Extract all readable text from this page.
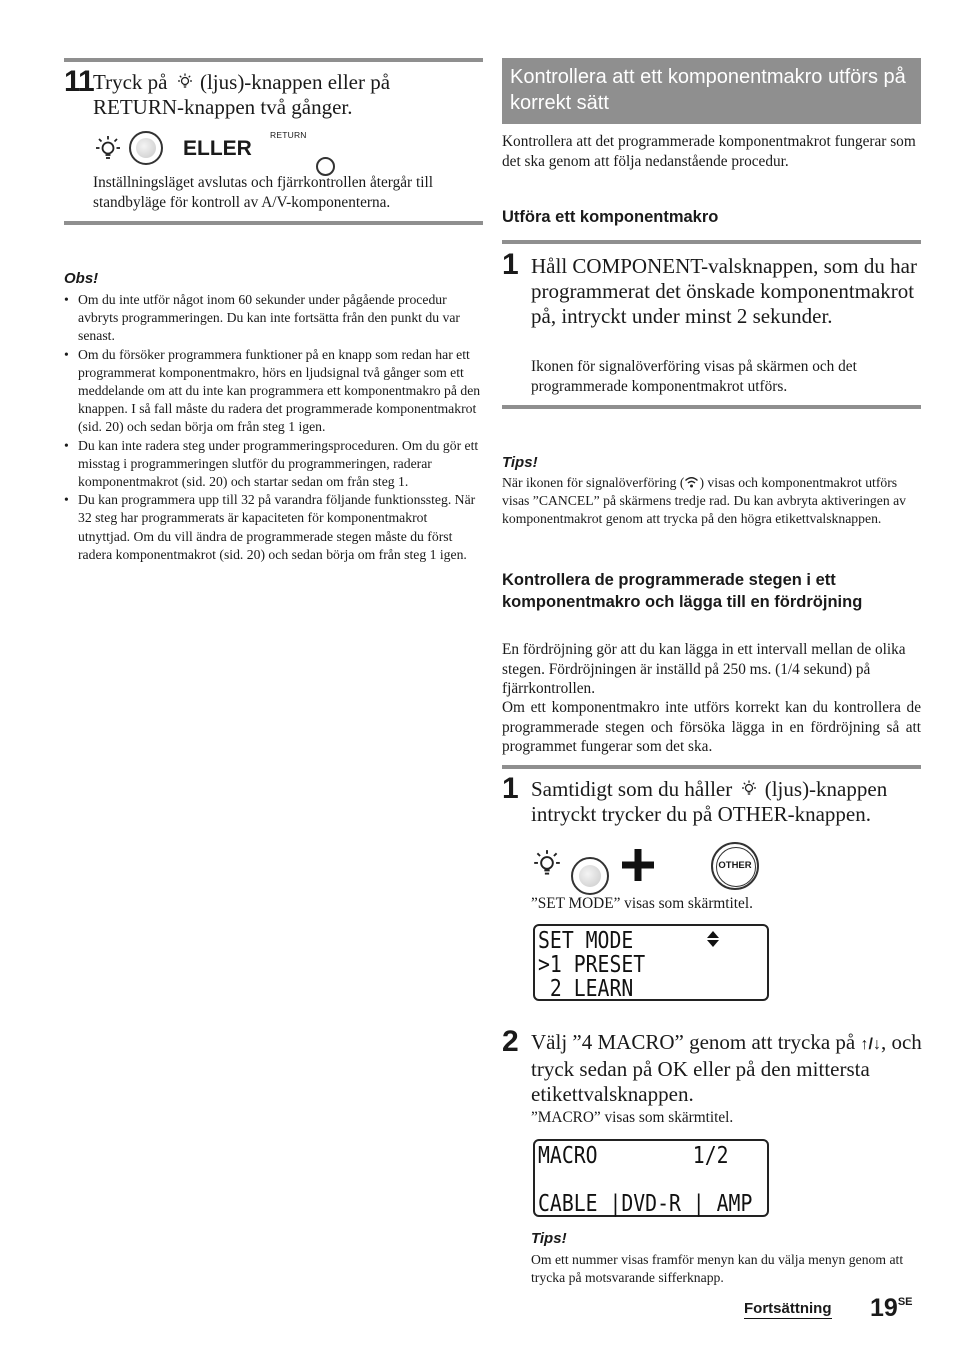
11 Tryck på  (ljus)-knappen eller på
RETURN-knappen två gånger.

ELLER
RETURN
Inställningsläget avslutas och fjärrkontrollen återgår till standbyläge för kontroll av A/V-komponenterna.
Obs!
• Om du inte utför något inom 60 sekunder under pågående procedur avbryts programmeringen. Du kan inte fortsätta från den punkt du var senast.
• Om du försöker programmera funktioner på en knapp som redan har ett programmerat komponentmakro, hörs en ljudsignal två gånger som ett meddelande om att du inte kan programmera ett komponentmakro på den knappen. I så fall måste du radera det programmerade komponentmakrot (sid. 20) och sedan börja om från steg 1 igen.
• Du kan inte radera steg under programmeringsproceduren. Om du gör ett misstag i programmeringen slutför du programmeringen, raderar komponentmakrot (sid. 20) och startar sedan om från steg 1.
• Du kan programmera upp till 32 på varandra följande funktionssteg. När 32 steg har programmerats är kapaciteten för komponentmakrot utnyttjad. Om du vill ändra de programmerade stegen måste du först radera komponentmakrot (sid. 20) och sedan börja om från steg 1 igen.
Kontrollera att ett komponentmakro utförs på korrekt sätt
Kontrollera att det programmerade komponentmakrot fungerar som det ska genom att följa nedanstående procedur.
Utföra ett komponentmakro
1 Håll COMPONENT-valsknappen, som du har programmerat det önskade komponentmakrot på, intryckt under minst 2 sekunder.
Ikonen för signalöverföring visas på skärmen och det programmerade komponentmakrot utförs.
Tips!
När ikonen för signalöverföring ( ) visas och komponentmakrot utförs visas ”CANCEL” på skärmens tredje rad. Du kan avbryta aktiveringen av komponentmakrot genom att trycka på den högra etikettvalsknappen.
Kontrollera de programmerade stegen i ett komponentmakro och lägga till en fördröjning
En fördröjning gör att du kan lägga in ett intervall mellan de olika stegen. Fördröjningen är inställd på 250 ms. (1/4 sekund) på fjärrkontrollen.
Om ett komponentmakro inte utförs korrekt kan du kontrollera de programmerade stegen och försöka lägga in en fördröjning så att programmet fungerar som det ska.
1 Samtidigt som du håller  (ljus)-knappen intryckt trycker du på OTHER-knappen.

OTHER
”SET MODE” visas som skärmtitel.
SET MODE
>1 PRESET
2 LEARN
2 Välj ”4 MACRO” genom att trycka på ↑/↓, och tryck sedan på OK eller på den mittersta etikettvalsknappen.
”MACRO” visas som skärmtitel.
MACRO        1/2
CABLE |DVD-R | AMP
Tips!
Om ett nummer visas framför menyn kan du välja menyn genom att trycka på motsvarande sifferknapp.
Fortsättning $19^{SE}$
